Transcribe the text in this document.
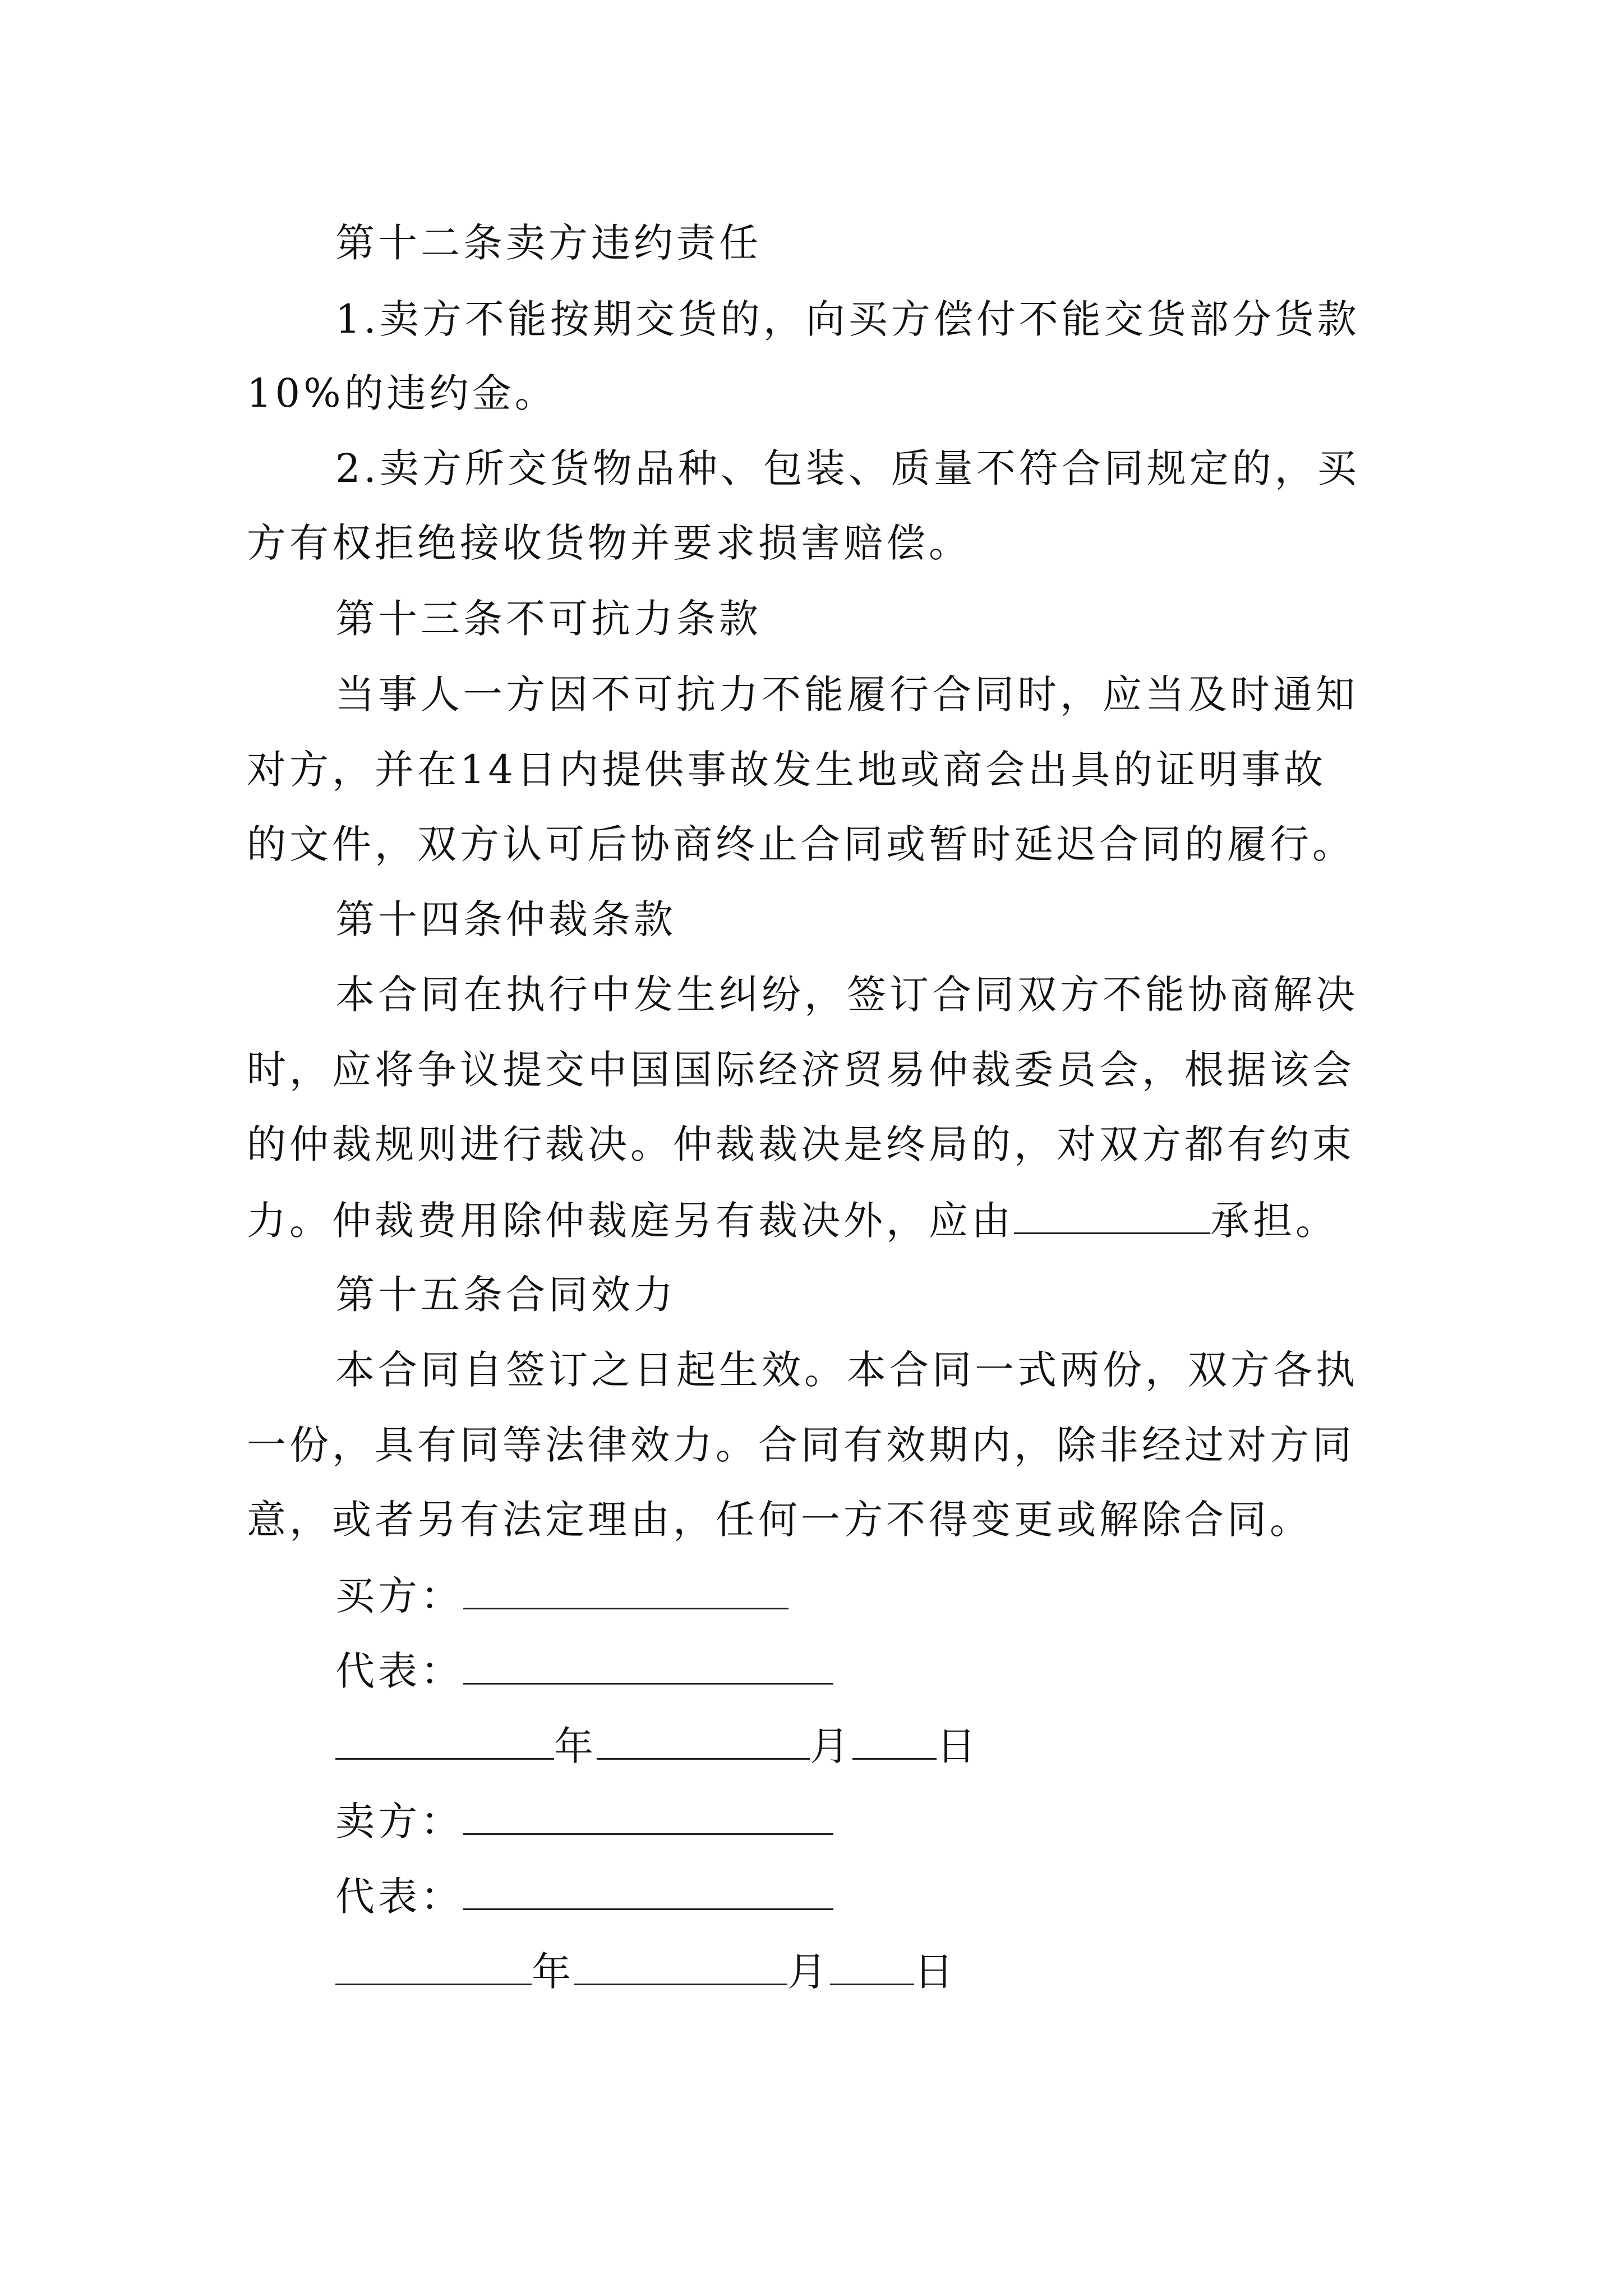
第十二条卖方违约责任
1.卖方不能按期交货的，向买方偿付不能交货部分货款
10%的违约金。
2.卖方所交货物品种、包装、质量不符合同规定的，买
方有权拒绝接收货物并要求损害赔偿。
第十三条不可抗力条款
当事人一方因不可抗力不能履行合同时，应当及时通知
对方，并在14日内提供事故发生地或商会出具的证明事故
的文件，双方认可后协商终止合同或暂时延迟合同的履行。
第十四条仲裁条款
本合同在执行中发生纠纷，签订合同双方不能协商解决
时，应将争议提交中国国际经济贸易仲裁委员会，根据该会
的仲裁规则进行裁决。仲裁裁决是终局的，对双方都有约束
力。仲裁费用除仲裁庭另有裁决外，应由	承担。
第十五条合同效力
本合同自签订之日起生效。本合同一式两份，双方各执
一份，具有同等法律效力。合同有效期内，除非经过对方同
意，或者另有法定理由，任何一方不得变更或解除合同。
买方：
代表：
年	月 日
卖方：
代表：
年	月 日
